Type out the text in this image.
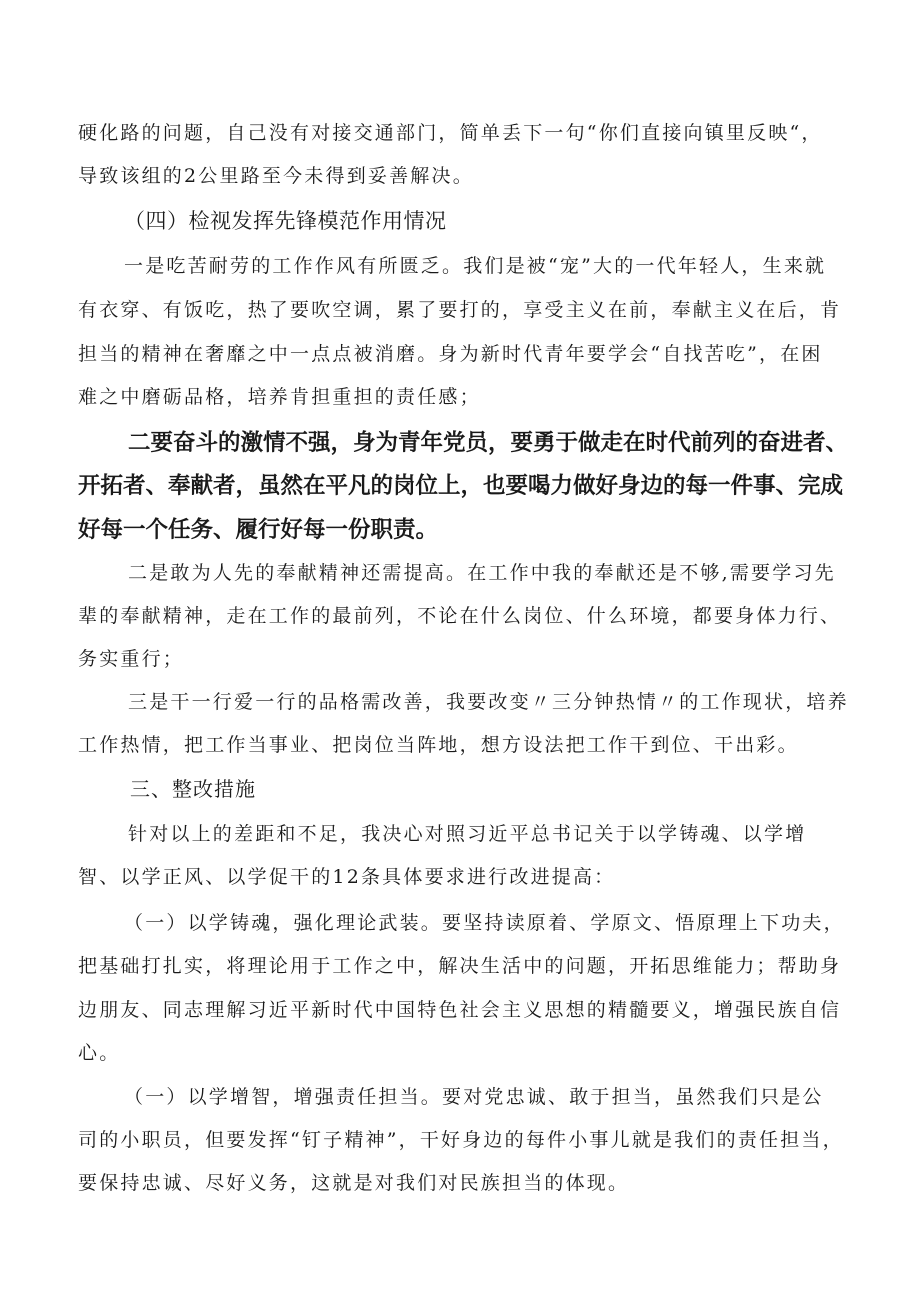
硬化路的问题，自己没有对接交通部门，简单丢下一句“你们直接向镇里反映“，
导致该组的2公里路至今未得到妥善解决。
（四）检视发挥先锋模范作用情况
一是吃苦耐劳的工作作风有所匮乏。我们是被“宠”大的一代年轻人，生来就
有衣穿、有饭吃，热了要吹空调，累了要打的，享受主义在前，奉献主义在后，肯
担当的精神在奢靡之中一点点被消磨。身为新时代青年要学会“自找苦吃”，在困
难之中磨砺品格，培养肯担重担的责任感；
二要奋斗的激情不强，身为青年党员，要勇于做走在时代前列的奋进者、
开拓者、奉献者，虽然在平凡的岗位上，也要喝力做好身边的每一件事、完成
好每一个任务、履行好每一份职责。
二是敢为人先的奉献精神还需提高。在工作中我的奉献还是不够,需要学习先
辈的奉献精神，走在工作的最前列，不论在什么岗位、什么环境，都要身体力行、
务实重行；
三是干一行爱一行的品格需改善，我要改变〃三分钟热情〃的工作现状，培养
工作热情，把工作当事业、把岗位当阵地，想方设法把工作干到位、干出彩。
三、整改措施
针对以上的差距和不足，我决心对照习近平总书记关于以学铸魂、以学增
智、以学正风、以学促干的12条具体要求进行改进提高：
（一）以学铸魂，强化理论武装。要坚持读原着、学原文、悟原理上下功夫，
把基础打扎实，将理论用于工作之中，解决生活中的问题，开拓思维能力；帮助身
边朋友、同志理解习近平新时代中国特色社会主义思想的精髓要义，增强民族自信
心。
（一）以学增智，增强责任担当。要对党忠诚、敢于担当，虽然我们只是公
司的小职员，但要发挥“钉子精神”，干好身边的每件小事儿就是我们的责任担当，
要保持忠诚、尽好义务，这就是对我们对民族担当的体现。
